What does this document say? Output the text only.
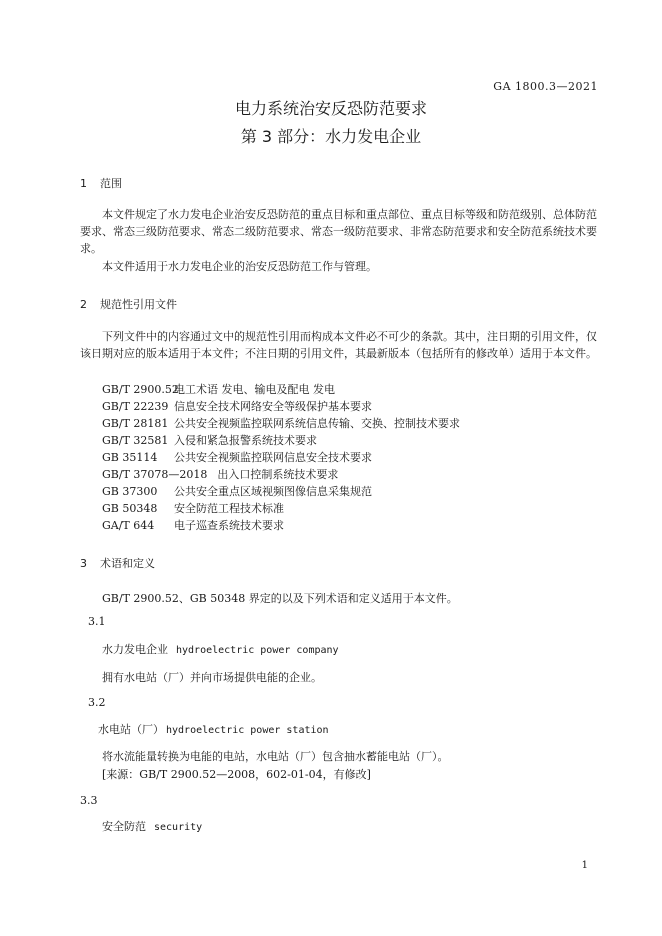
GA 1800.3—2021
电力系统治安反恐防范要求
第 3 部分：水力发电企业
1 范围
本文件规定了水力发电企业治安反恐防范的重点目标和重点部位、重点目标等级和防范级别、总体防范要求、常态三级防范要求、常态二级防范要求、常态一级防范要求、非常态防范要求和安全防范系统技术要求。
本文件适用于水力发电企业的治安反恐防范工作与管理。
2 规范性引用文件
下列文件中的内容通过文中的规范性引用而构成本文件必不可少的条款。其中，注日期的引用文件，仅该日期对应的版本适用于本文件；不注日期的引用文件，其最新版本（包括所有的修改单）适用于本文件。
GB/T 2900.52电工术语 发电、输电及配电 发电
GB/T 22239 信息安全技术网络安全等级保护基本要求
GB/T 28181 公共安全视频监控联网系统信息传输、交换、控制技术要求
GB/T 32581 入侵和紧急报警系统技术要求
GB 35114 公共安全视频监控联网信息安全技术要求
GB/T 37078—2018 出入口控制系统技术要求
GB 37300 公共安全重点区域视频图像信息采集规范
GB 50348 安全防范工程技术标准
GA/T 644 电子巡查系统技术要求
3 术语和定义
GB/T 2900.52、GB 50348 界定的以及下列术语和定义适用于本文件。
3.1
水力发电企业 hydroelectric power company
拥有水电站（厂）并向市场提供电能的企业。
3.2
水电站（厂） hydroelectric power station
将水流能量转换为电能的电站，水电站（厂）包含抽水蓄能电站（厂）。
[来源：GB/T 2900.52—2008，602-01-04，有修改]
3.3
安全防范 security
1
